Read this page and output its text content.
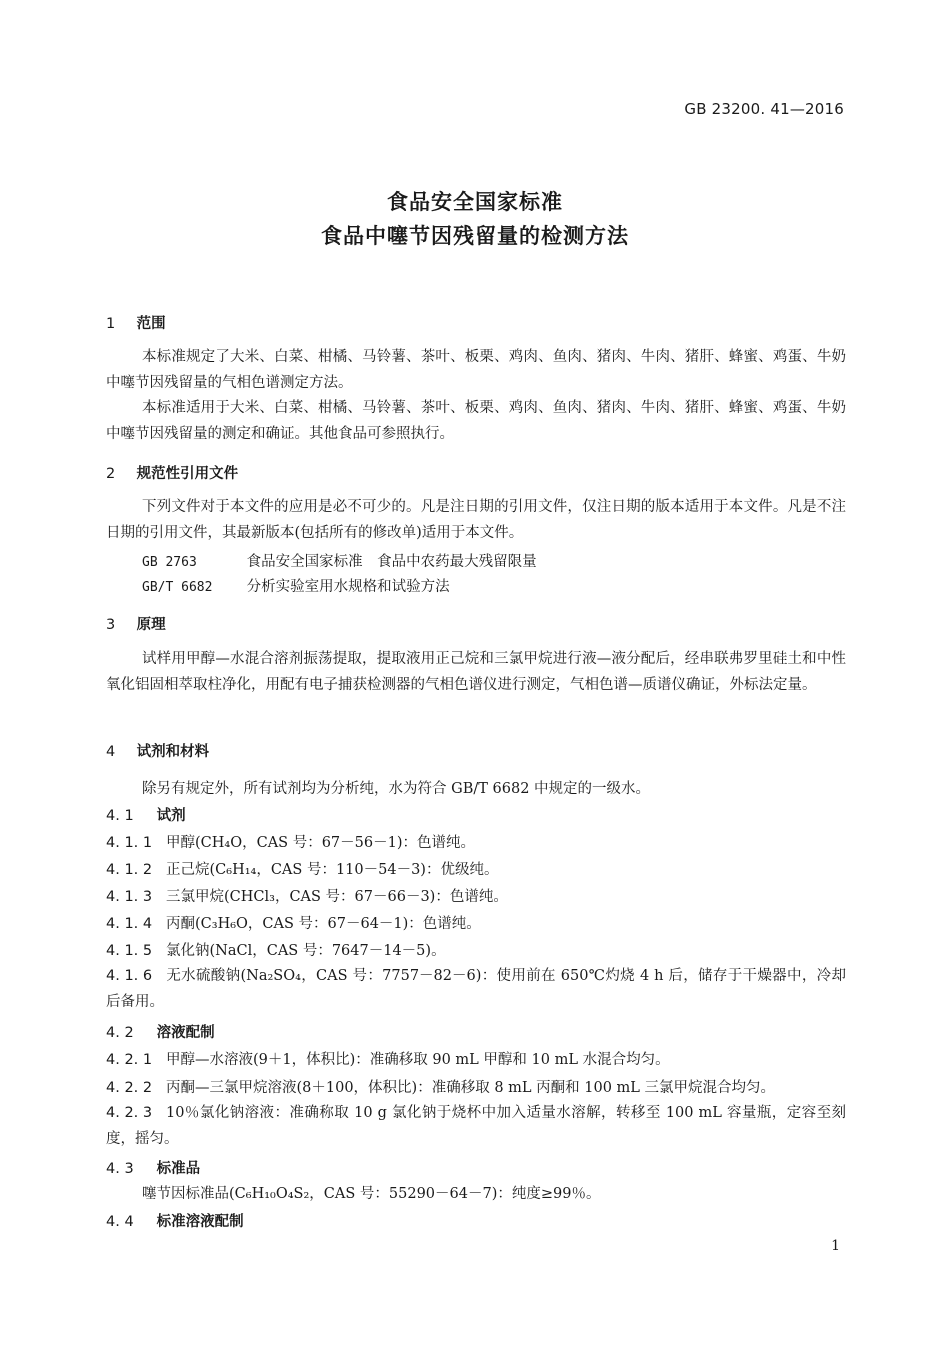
GB 23200. 41—2016
食品安全国家标准
食品中噻节因残留量的检测方法
1 范围

本标准规定了大米、白菜、柑橘、马铃薯、茶叶、板栗、鸡肉、鱼肉、猪肉、牛肉、猪肝、蜂蜜、鸡蛋、牛奶中噻节因残留量的气相色谱测定方法。

本标准适用于大米、白菜、柑橘、马铃薯、茶叶、板栗、鸡肉、鱼肉、猪肉、牛肉、猪肝、蜂蜜、鸡蛋、牛奶中噻节因残留量的测定和确证。其他食品可参照执行。

2 规范性引用文件

下列文件对于本文件的应用是必不可少的。凡是注日期的引用文件，仅注日期的版本适用于本文件。凡是不注日期的引用文件，其最新版本(包括所有的修改单)适用于本文件。

GB 2763	食品安全国家标准　食品中农药最大残留限量
GB/T 6682 分析实验室用水规格和试验方法
3 原理

试样用甲醇—水混合溶剂振荡提取，提取液用正己烷和三氯甲烷进行液—液分配后，经串联弗罗里硅土和中性氧化铝固相萃取柱净化，用配有电子捕获检测器的气相色谱仪进行测定，气相色谱—质谱仪确证，外标法定量。

4 试剂和材料
除另有规定外，所有试剂均为分析纯，水为符合 GB/T 6682 中规定的一级水。
4. 1 试剂
4. 1. 1 甲醇(CH₄O，CAS 号：67－56－1)：色谱纯。
4. 1. 2 正己烷(C₆H₁₄，CAS 号：110－54－3)：优级纯。
4. 1. 3 三氯甲烷(CHCl₃，CAS 号：67－66－3)：色谱纯。
4. 1. 4 丙酮(C₃H₆O，CAS 号：67－64－1)：色谱纯。
4. 1. 5 氯化钠(NaCl，CAS 号：7647－14－5)。

4. 1. 6 无水硫酸钠(Na₂SO₄，CAS 号：7757－82－6)：使用前在 650℃灼烧 4 h 后，储存于干燥器中，冷却后备用。

4. 2 溶液配制
4. 2. 1 甲醇—水溶液(9＋1，体积比)：准确移取 90 mL 甲醇和 10 mL 水混合均匀。
4. 2. 2 丙酮—三氯甲烷溶液(8＋100，体积比)：准确移取 8 mL 丙酮和 100 mL 三氯甲烷混合均匀。

4. 2. 3 10％氯化钠溶液：准确称取 10 g 氯化钠于烧杯中加入适量水溶解，转移至 100 mL 容量瓶，定容至刻度，摇匀。

4. 3 标准品
噻节因标准品(C₆H₁₀O₄S₂，CAS 号：55290－64－7)：纯度≥99％。
4. 4 标准溶液配制
1
